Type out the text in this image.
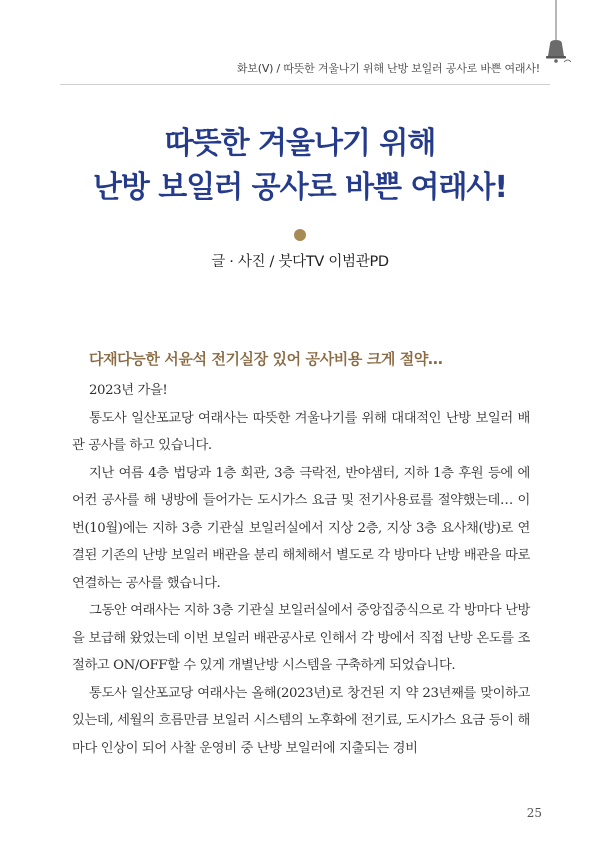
화보(Ⅴ) / 따뜻한 겨울나기 위해 난방 보일러 공사로 바쁜 여래사!
따뜻한 겨울나기 위해
난방 보일러 공사로 바쁜 여래사!
글 · 사진 / 붓다TV 이범관PD
다재다능한 서윤석 전기실장 있어 공사비용 크게 절약…

2023년 가을!

통도사 일산포교당 여래사는 따뜻한 겨울나기를 위해 대대적인 난방 보일러 배관 공사를 하고 있습니다.

지난 여름 4층 법당과 1층 회관, 3층 극락전, 반야샘터, 지하 1층 후원 등에 에어컨 공사를 해 냉방에 들어가는 도시가스 요금 및 전기사용료를 절약했는데… 이번(10월)에는 지하 3층 기관실 보일러실에서 지상 2층, 지상 3층 요사채(방)로 연결된 기존의 난방 보일러 배관을 분리 해체해서 별도로 각 방마다 난방 배관을 따로 연결하는 공사를 했습니다.

그동안 여래사는 지하 3층 기관실 보일러실에서 중앙집중식으로 각 방마다 난방을 보급해 왔었는데 이번 보일러 배관공사로 인해서 각 방에서 직접 난방 온도를 조절하고 ON/OFF할 수 있게 개별난방 시스템을 구축하게 되었습니다.

통도사 일산포교당 여래사는 올해(2023년)로 창건된 지 약 23년째를 맞이하고 있는데, 세월의 흐름만큼 보일러 시스템의 노후화에 전기료, 도시가스 요금 등이 해마다 인상이 되어 사찰 운영비 중 난방 보일러에 지출되는 경비

25
